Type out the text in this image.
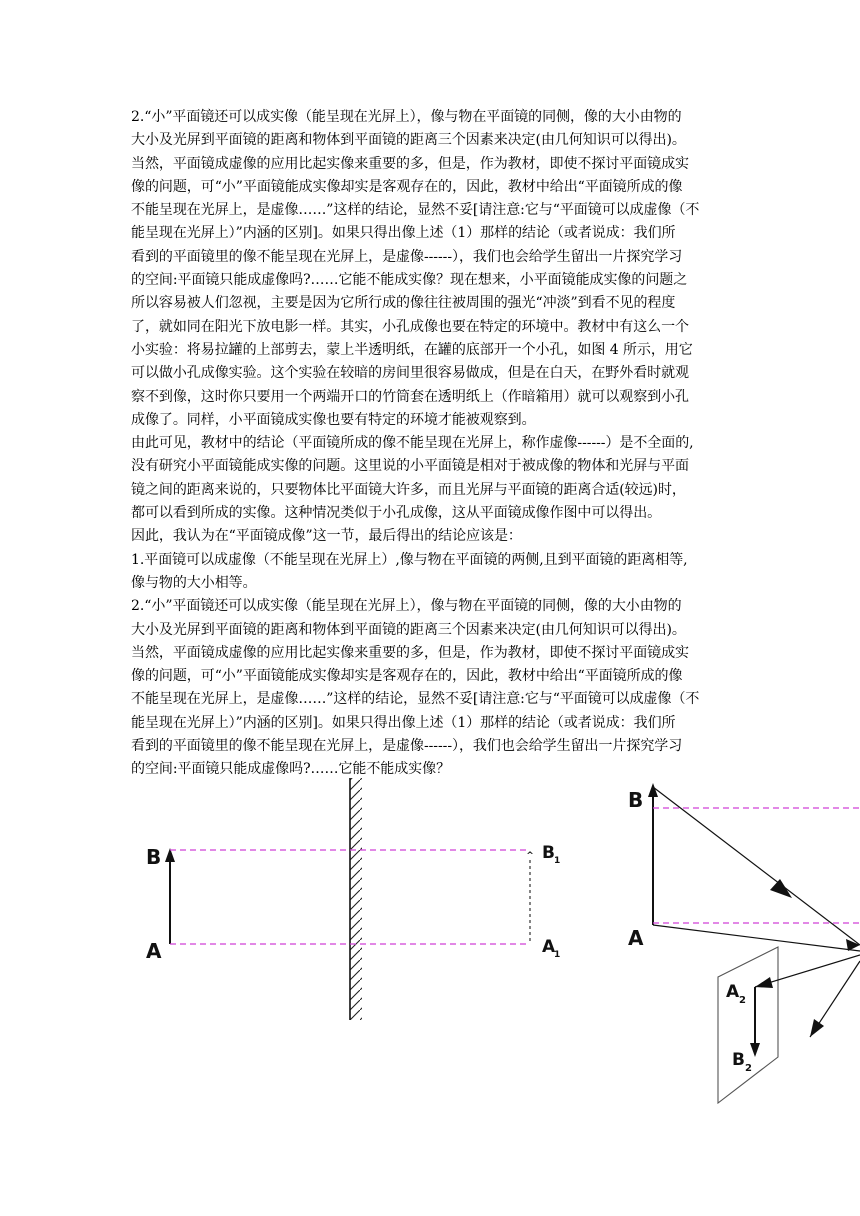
2.“小”平面镜还可以成实像（能呈现在光屏上），像与物在平面镜的同侧，像的大小由物的
大小及光屏到平面镜的距离和物体到平面镜的距离三个因素来决定(由几何知识可以得出)。
当然，平面镜成虚像的应用比起实像来重要的多，但是，作为教材，即使不探讨平面镜成实
像的问题，可“小”平面镜能成实像却实是客观存在的，因此，教材中给出“平面镜所成的像
不能呈现在光屏上，是虚像……”这样的结论，显然不妥[请注意:它与“平面镜可以成虚像（不
能呈现在光屏上）”内涵的区别]。如果只得出像上述（1）那样的结论（或者说成：我们所
看到的平面镜里的像不能呈现在光屏上，是虚像------），我们也会给学生留出一片探究学习
的空间:平面镜只能成虚像吗?……它能不能成实像？现在想来，小平面镜能成实像的问题之
所以容易被人们忽视，主要是因为它所行成的像往往被周围的强光“冲淡”到看不见的程度
了，就如同在阳光下放电影一样。其实，小孔成像也要在特定的环境中。教材中有这么一个
小实验：将易拉罐的上部剪去，蒙上半透明纸，在罐的底部开一个小孔，如图 4 所示，用它
可以做小孔成像实验。这个实验在较暗的房间里很容易做成，但是在白天，在野外看时就观
察不到像，这时你只要用一个两端开口的竹筒套在透明纸上（作暗箱用）就可以观察到小孔
成像了。同样，小平面镜成实像也要有特定的环境才能被观察到。
由此可见，教材中的结论（平面镜所成的像不能呈现在光屏上，称作虚像------）是不全面的,
没有研究小平面镜能成实像的问题。这里说的小平面镜是相对于被成像的物体和光屏与平面
镜之间的距离来说的，只要物体比平面镜大许多，而且光屏与平面镜的距离合适(较远)时，
都可以看到所成的实像。这种情况类似于小孔成像，这从平面镜成像作图中可以得出。
因此，我认为在“平面镜成像”这一节，最后得出的结论应该是：
1.平面镜可以成虚像（不能呈现在光屏上）,像与物在平面镜的两侧,且到平面镜的距离相等,
像与物的大小相等。
2.“小”平面镜还可以成实像（能呈现在光屏上），像与物在平面镜的同侧，像的大小由物的
大小及光屏到平面镜的距离和物体到平面镜的距离三个因素来决定(由几何知识可以得出)。
当然，平面镜成虚像的应用比起实像来重要的多，但是，作为教材，即使不探讨平面镜成实
像的问题，可“小”平面镜能成实像却实是客观存在的，因此，教材中给出“平面镜所成的像
不能呈现在光屏上，是虚像……”这样的结论，显然不妥[请注意:它与“平面镜可以成虚像（不
能呈现在光屏上）”内涵的区别]。如果只得出像上述（1）那样的结论（或者说成：我们所
看到的平面镜里的像不能呈现在光屏上，是虚像------），我们也会给学生留出一片探究学习
的空间:平面镜只能成虚像吗?……它能不能成实像？
^
B
A
B 1
A
1
B
A
A 2
B 2
